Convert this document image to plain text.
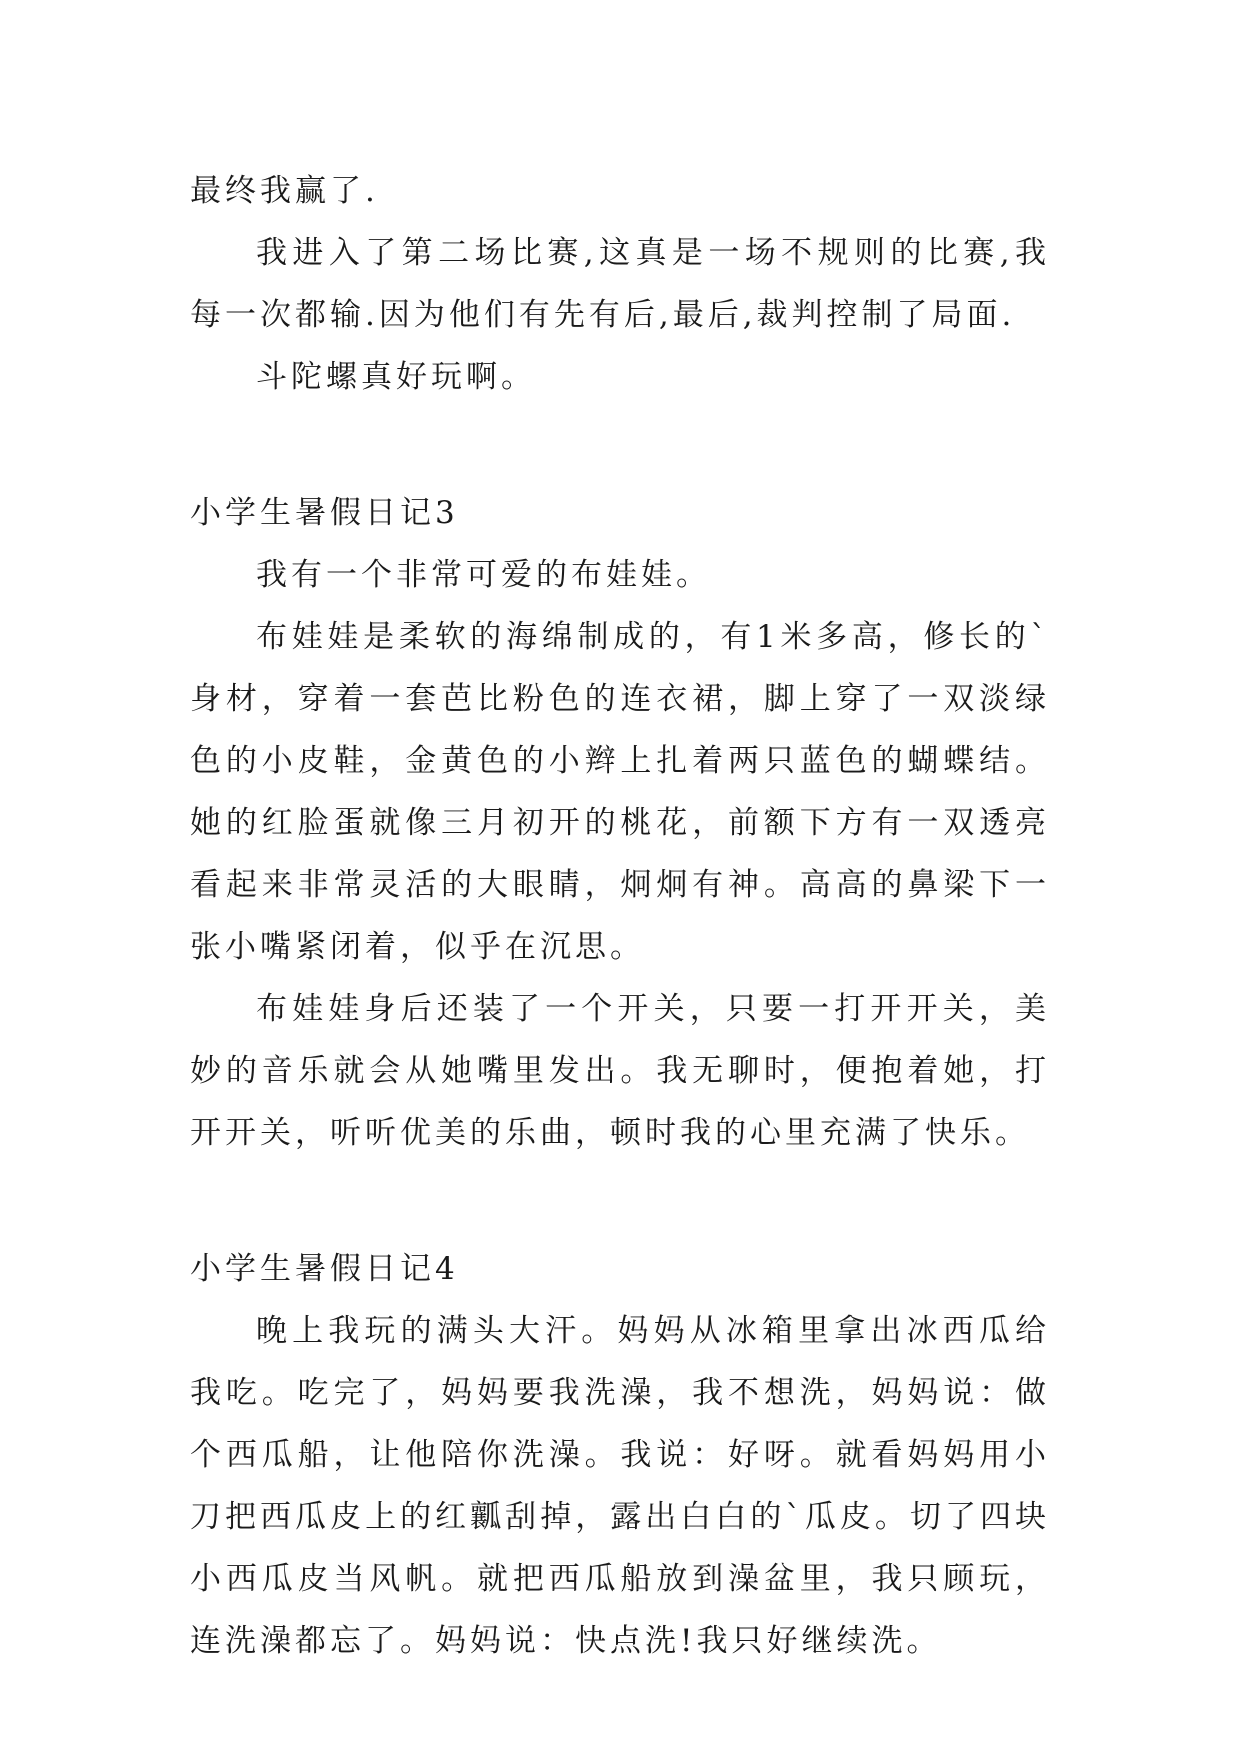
最终我赢了.

我进入了第二场比赛,这真是一场不规则的比赛,我每一次都输.因为他们有先有后,最后,裁判控制了局面.

斗陀螺真好玩啊。

小学生暑假日记3

我有一个非常可爱的布娃娃。

布娃娃是柔软的海绵制成的，有1米多高，修长的`身材，穿着一套芭比粉色的连衣裙，脚上穿了一双淡绿色的小皮鞋，金黄色的小辫上扎着两只蓝色的蝴蝶结。她的红脸蛋就像三月初开的桃花，前额下方有一双透亮看起来非常灵活的大眼睛，炯炯有神。高高的鼻梁下一张小嘴紧闭着，似乎在沉思。

布娃娃身后还装了一个开关，只要一打开开关，美妙的音乐就会从她嘴里发出。我无聊时，便抱着她，打开开关，听听优美的乐曲，顿时我的心里充满了快乐。

小学生暑假日记4

晚上我玩的满头大汗。妈妈从冰箱里拿出冰西瓜给我吃。吃完了，妈妈要我洗澡，我不想洗，妈妈说：做个西瓜船，让他陪你洗澡。我说：好呀。就看妈妈用小刀把西瓜皮上的红瓤刮掉，露出白白的`瓜皮。切了四块小西瓜皮当风帆。就把西瓜船放到澡盆里，我只顾玩，连洗澡都忘了。妈妈说：快点洗!我只好继续洗。
